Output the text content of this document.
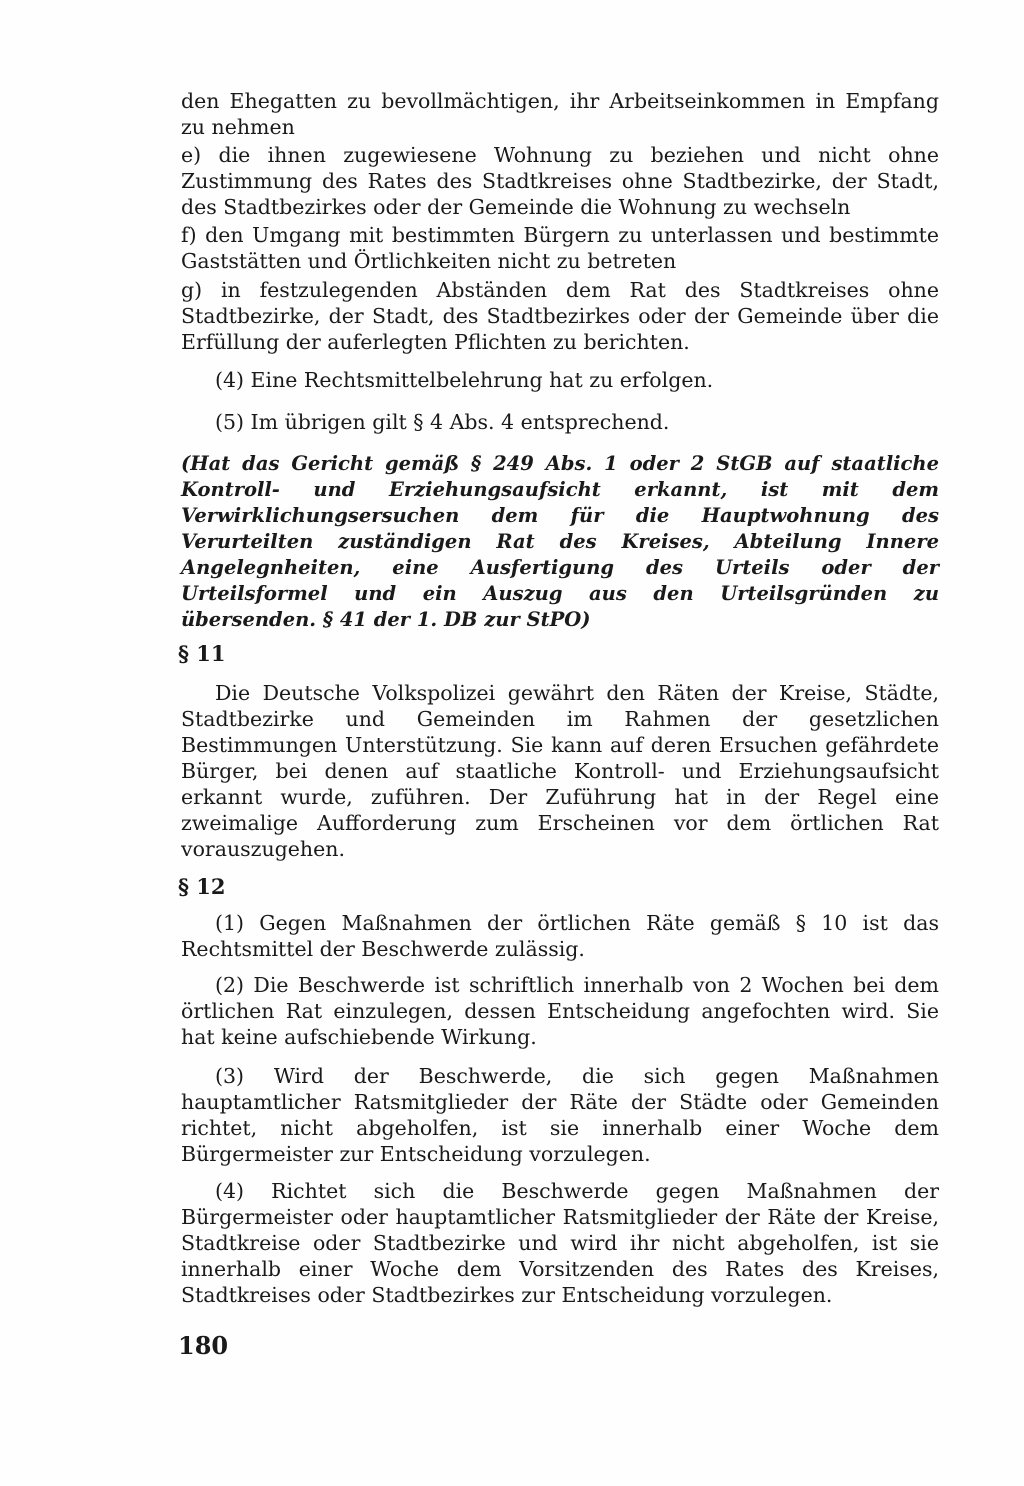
den Ehegatten zu bevollmächtigen, ihr Arbeitseinkommen in Empfang zu nehmen

e) die ihnen zugewiesene Wohnung zu beziehen und nicht ohne Zustimmung des Rates des Stadtkreises ohne Stadtbezirke, der Stadt, des Stadtbezirkes oder der Gemeinde die Wohnung zu wechseln

f) den Umgang mit bestimmten Bürgern zu unterlassen und bestimmte Gaststätten und Örtlichkeiten nicht zu betreten

g) in festzulegenden Abständen dem Rat des Stadtkreises ohne Stadtbezirke, der Stadt, des Stadtbezirkes oder der Gemeinde über die Erfüllung der auferlegten Pflichten zu berichten.

(4) Eine Rechtsmittelbelehrung hat zu erfolgen.

(5) Im übrigen gilt § 4 Abs. 4 entsprechend.

(Hat das Gericht gemäß § 249 Abs. 1 oder 2 StGB auf staatliche Kontroll- und Erziehungsaufsicht erkannt, ist mit dem Verwirklichungsersuchen dem für die Hauptwohnung des Verurteilten zuständigen Rat des Kreises, Abteilung Innere Angelegnheiten, eine Ausfertigung des Urteils oder der Urteilsformel und ein Auszug aus den Urteilsgründen zu übersenden. § 41 der 1. DB zur StPO)

§ 11

Die Deutsche Volkspolizei gewährt den Räten der Kreise, Städte, Stadtbezirke und Gemeinden im Rahmen der gesetzlichen Bestimmungen Unterstützung. Sie kann auf deren Ersuchen gefährdete Bürger, bei denen auf staatliche Kontroll- und Erziehungsaufsicht erkannt wurde, zuführen. Der Zuführung hat in der Regel eine zweimalige Aufforderung zum Erscheinen vor dem örtlichen Rat vorauszugehen.

§ 12

(1) Gegen Maßnahmen der örtlichen Räte gemäß § 10 ist das Rechtsmittel der Beschwerde zulässig.

(2) Die Beschwerde ist schriftlich innerhalb von 2 Wochen bei dem örtlichen Rat einzulegen, dessen Entscheidung angefochten wird. Sie hat keine aufschiebende Wirkung.

(3) Wird der Beschwerde, die sich gegen Maßnahmen hauptamtlicher Ratsmitglieder der Räte der Städte oder Gemeinden richtet, nicht abgeholfen, ist sie innerhalb einer Woche dem Bürgermeister zur Entscheidung vorzulegen.

(4) Richtet sich die Beschwerde gegen Maßnahmen der Bürgermeister oder hauptamtlicher Ratsmitglieder der Räte der Kreise, Stadtkreise oder Stadtbezirke und wird ihr nicht abgeholfen, ist sie innerhalb einer Woche dem Vorsitzenden des Rates des Kreises, Stadtkreises oder Stadtbezirkes zur Entscheidung vorzulegen.

180
